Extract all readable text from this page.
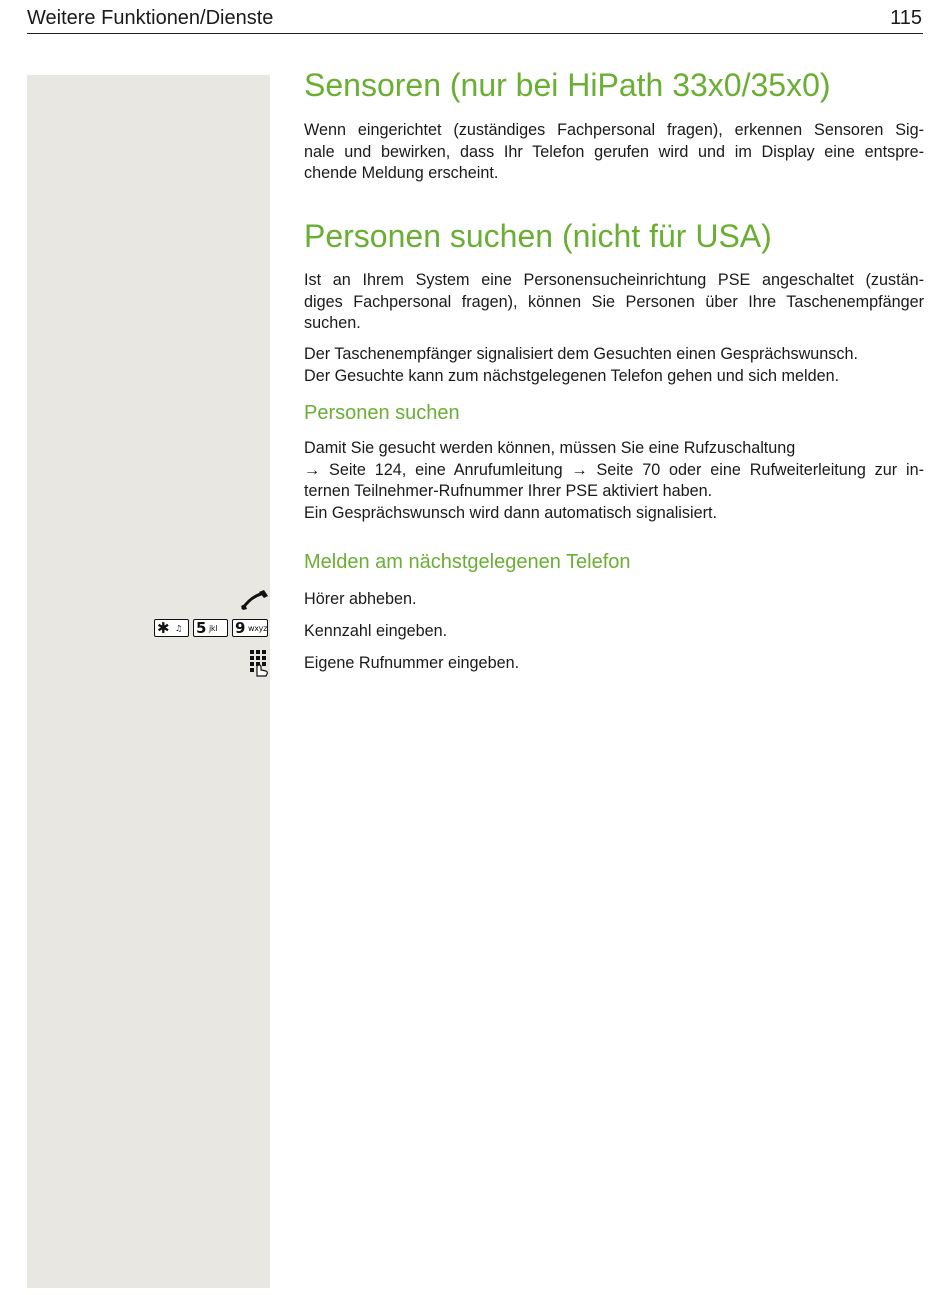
Weitere Funktionen/Dienste	115
Sensoren (nur bei HiPath 33x0/35x0)
Wenn eingerichtet (zuständiges Fachpersonal fragen), erkennen Sensoren Sig-
nale und bewirken, dass Ihr Telefon gerufen wird und im Display eine entspre-
chende Meldung erscheint.
Personen suchen (nicht für USA)
Ist an Ihrem System eine Personensucheinrichtung PSE angeschaltet (zustän-
diges Fachpersonal fragen), können Sie Personen über Ihre Taschenempfänger
suchen.
Der Taschenempfänger signalisiert dem Gesuchten einen Gesprächswunsch.
Der Gesuchte kann zum nächstgelegenen Telefon gehen und sich melden.
Personen suchen
Damit Sie gesucht werden können, müssen Sie eine Rufzuschaltung
→ Seite 124, eine Anrufumleitung → Seite 70 oder eine Rufweiterleitung zur in-
ternen Teilnehmer-Rufnummer Ihrer PSE aktiviert haben.
Ein Gesprächswunsch wird dann automatisch signalisiert.
Melden am nächstgelegenen Telefon

Hörer abheben.

Kennzahl eingeben.

Eigene Rufnummer eingeben.

✱ ♫ 5 jkl 9 wxyz
